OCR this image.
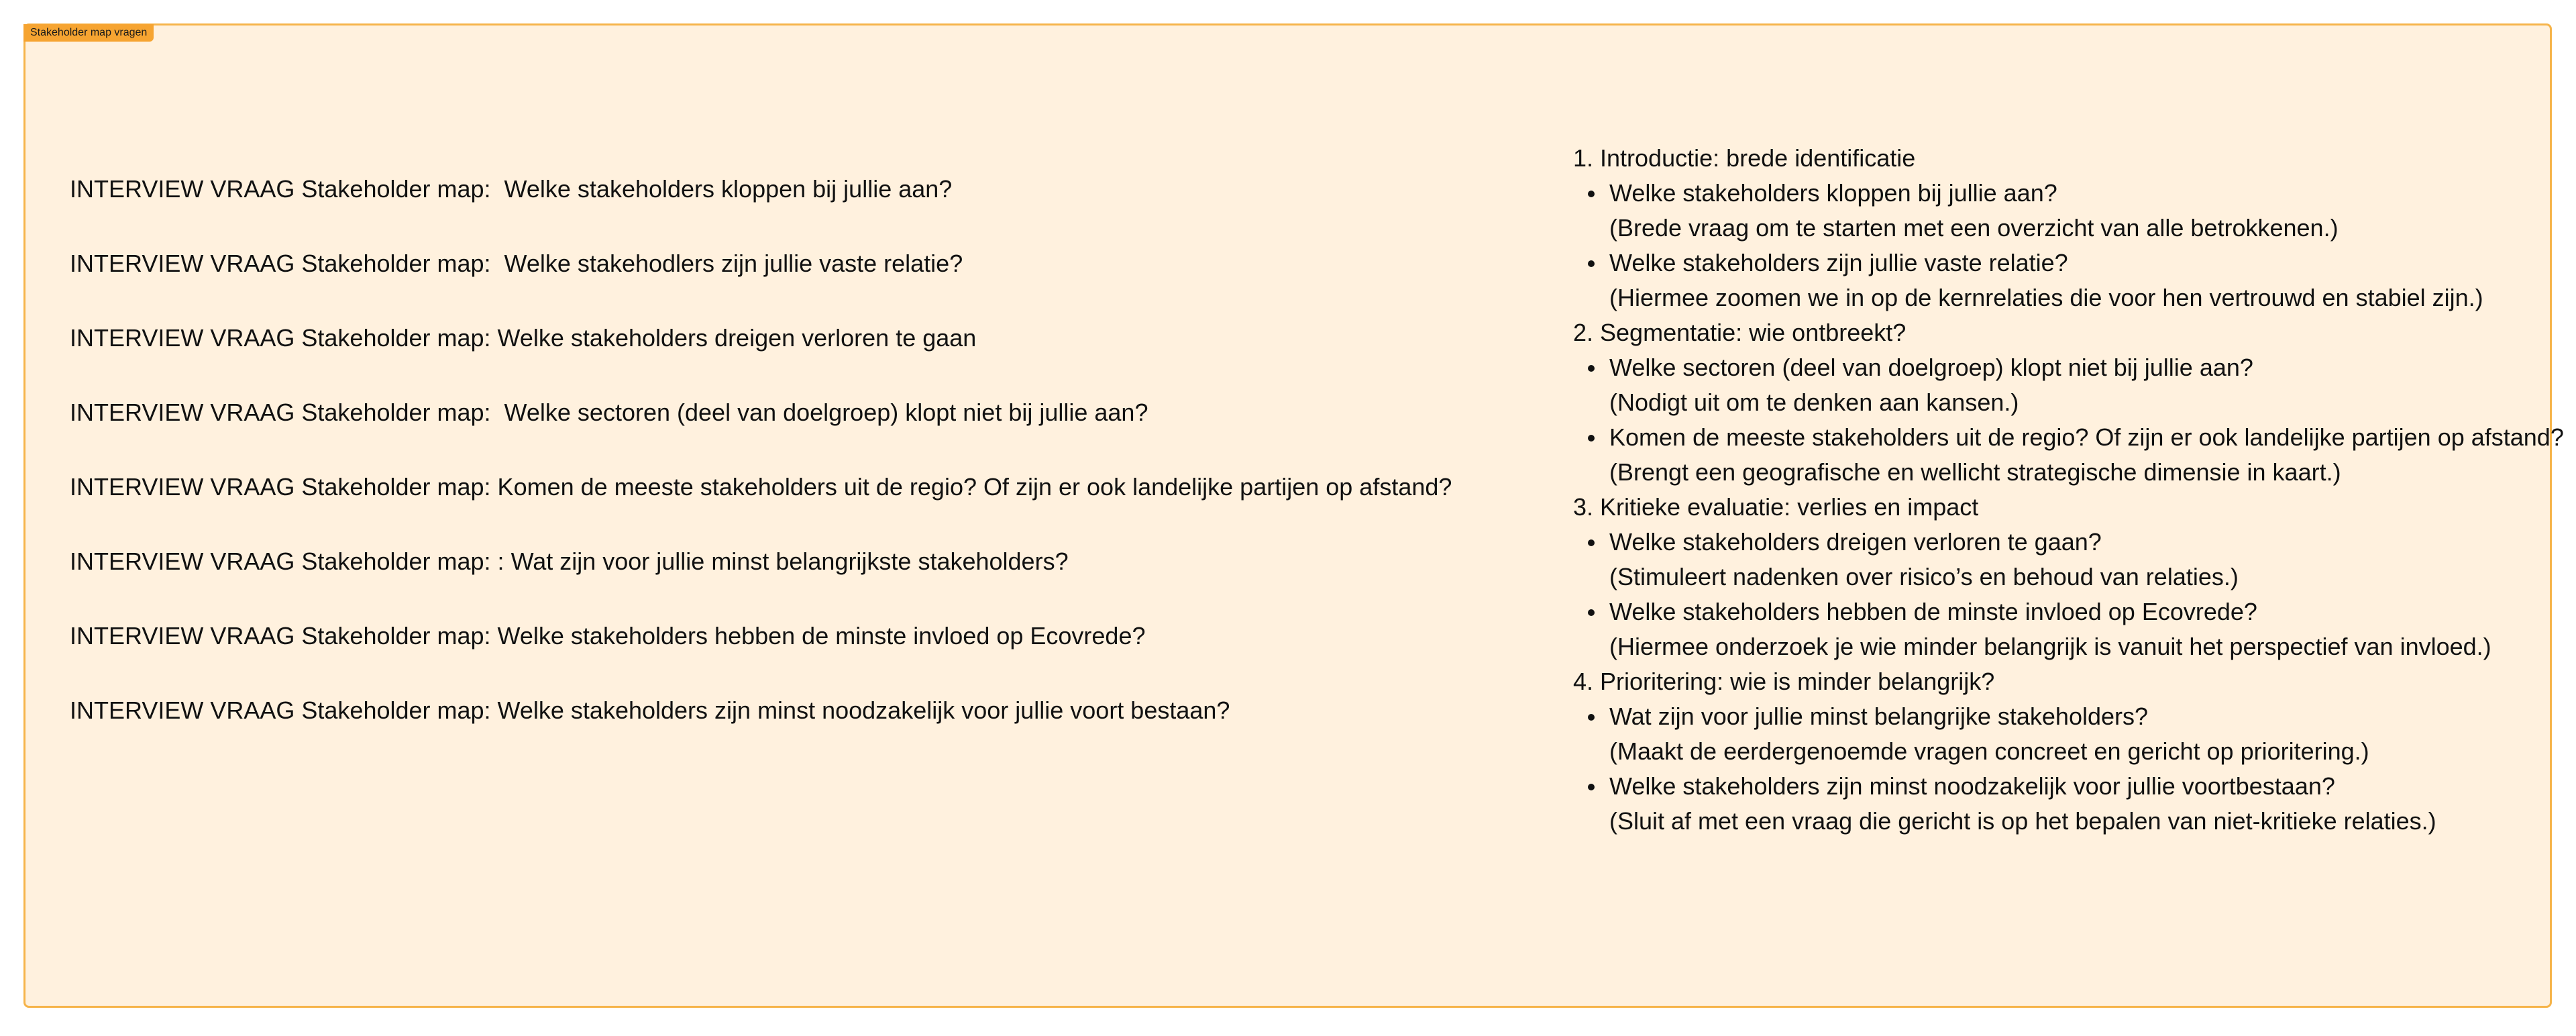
Stakeholder map vragen
INTERVIEW VRAAG Stakeholder map:  Welke stakeholders kloppen bij jullie aan?
INTERVIEW VRAAG Stakeholder map:  Welke stakehodlers zijn jullie vaste relatie?
INTERVIEW VRAAG Stakeholder map: Welke stakeholders dreigen verloren te gaan
INTERVIEW VRAAG Stakeholder map:  Welke sectoren (deel van doelgroep) klopt niet bij jullie aan?
INTERVIEW VRAAG Stakeholder map: Komen de meeste stakeholders uit de regio? Of zijn er ook landelijke partijen op afstand?
INTERVIEW VRAAG Stakeholder map: : Wat zijn voor jullie minst belangrijkste stakeholders?
INTERVIEW VRAAG Stakeholder map: Welke stakeholders hebben de minste invloed op Ecovrede?
INTERVIEW VRAAG Stakeholder map: Welke stakeholders zijn minst noodzakelijk voor jullie voort bestaan?
1. Introductie: brede identificatie
Welke stakeholders kloppen bij jullie aan?
(Brede vraag om te starten met een overzicht van alle betrokkenen.)
Welke stakeholders zijn jullie vaste relatie?
(Hiermee zoomen we in op de kernrelaties die voor hen vertrouwd en stabiel zijn.)
2. Segmentatie: wie ontbreekt?
Welke sectoren (deel van doelgroep) klopt niet bij jullie aan?
(Nodigt uit om te denken aan kansen.)
Komen de meeste stakeholders uit de regio? Of zijn er ook landelijke partijen op afstand?
(Brengt een geografische en wellicht strategische dimensie in kaart.)
3. Kritieke evaluatie: verlies en impact
Welke stakeholders dreigen verloren te gaan?
(Stimuleert nadenken over risico’s en behoud van relaties.)
Welke stakeholders hebben de minste invloed op Ecovrede?
(Hiermee onderzoek je wie minder belangrijk is vanuit het perspectief van invloed.)
4. Prioritering: wie is minder belangrijk?
Wat zijn voor jullie minst belangrijke stakeholders?
(Maakt de eerdergenoemde vragen concreet en gericht op prioritering.)
Welke stakeholders zijn minst noodzakelijk voor jullie voortbestaan?
(Sluit af met een vraag die gericht is op het bepalen van niet-kritieke relaties.)
